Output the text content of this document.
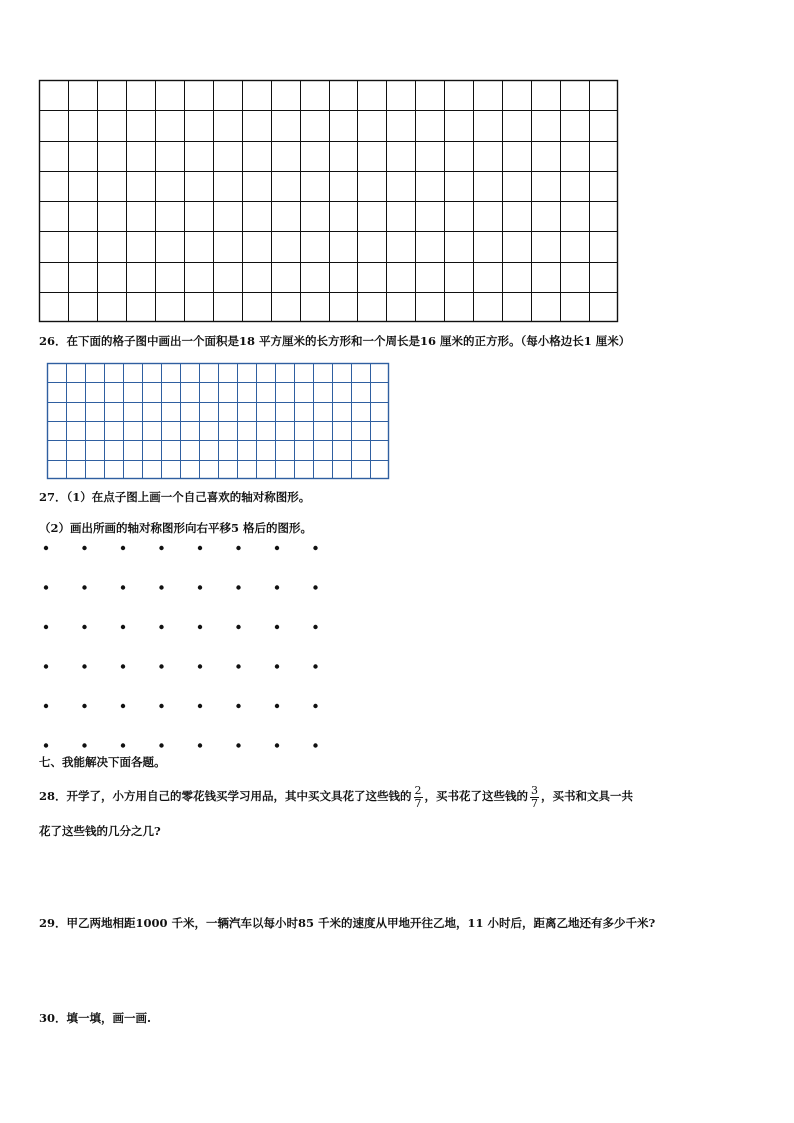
26．在下面的格子图中画出一个面积是18 平方厘米的长方形和一个周长是16 厘米的正方形。（每小格边长1 厘米）
27．（1）在点子图上画一个自己喜欢的轴对称图形。
（2）画出所画的轴对称图形向右平移5 格后的图形。
七、我能解决下面各题。
28．开学了，小方用自己的零花钱买学习用品，其中买文具花了这些钱的 $\frac{2}{7}$ ，买书花了这些钱的 $\frac{3}{7}$ ，买书和文具一共
花了这些钱的几分之几?
29．甲乙两地相距1000 千米，一辆汽车以每小时85 千米的速度从甲地开往乙地，11 小时后，距离乙地还有多少千米?
30．填一填，画一画.
